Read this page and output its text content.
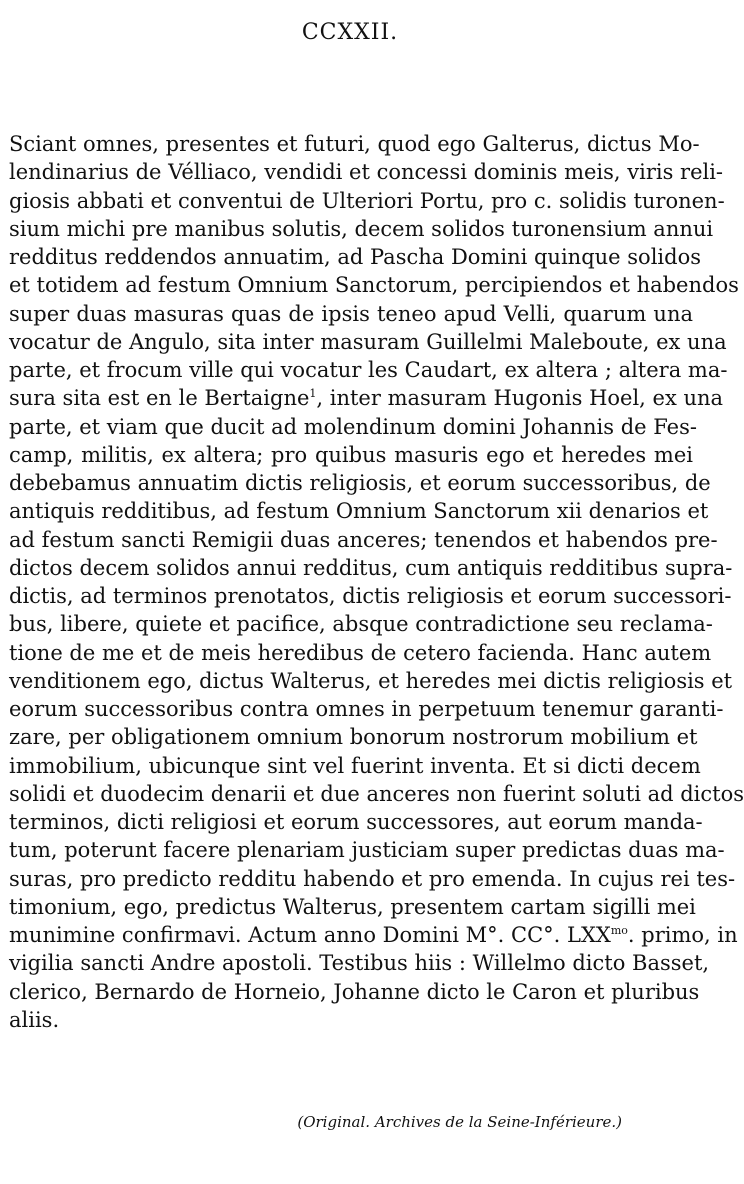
CCXXII.
Sciant omnes, presentes et futuri, quod ego Galterus, dictus Mo-
lendinarius de Vélliaco, vendidi et concessi dominis meis, viris reli-
giosis abbati et conventui de Ulteriori Portu, pro c. solidis turonen-
sium michi pre manibus solutis, decem solidos turonensium annui
redditus reddendos annuatim, ad Pascha Domini quinque solidos
et totidem ad festum Omnium Sanctorum, percipiendos et habendos
super duas masuras quas de ipsis teneo apud Velli, quarum una
vocatur de Angulo, sita inter masuram Guillelmi Maleboute, ex una
parte, et frocum ville qui vocatur les Caudart, ex altera ; altera ma-
sura sita est en le Bertaigne$^1$, inter masuram Hugonis Hoel, ex una
parte, et viam que ducit ad molendinum domini Johannis de Fes-
camp, militis, ex altera; pro quibus masuris ego et heredes mei
debebamus annuatim dictis religiosis, et eorum successoribus, de
antiquis redditibus, ad festum Omnium Sanctorum xii denarios et
ad festum sancti Remigii duas anceres; tenendos et habendos pre-
dictos decem solidos annui redditus, cum antiquis redditibus supra-
dictis, ad terminos prenotatos, dictis religiosis et eorum successori-
bus, libere, quiete et pacifice, absque contradictione seu reclama-
tione de me et de meis heredibus de cetero facienda. Hanc autem
venditionem ego, dictus Walterus, et heredes mei dictis religiosis et
eorum successoribus contra omnes in perpetuum tenemur garanti-
zare, per obligationem omnium bonorum nostrorum mobilium et
immobilium, ubicunque sint vel fuerint inventa. Et si dicti decem
solidi et duodecim denarii et due anceres non fuerint soluti ad dictos
terminos, dicti religiosi et eorum successores, aut eorum manda-
tum, poterunt facere plenariam justiciam super predictas duas ma-
suras, pro predicto redditu habendo et pro emenda. In cujus rei tes-
timonium, ego, predictus Walterus, presentem cartam sigilli mei
munimine confirmavi. Actum anno Domini M°. CC°. $LXX^{mo}$. primo, in
vigilia sancti Andre apostoli. Testibus hiis : Willelmo dicto Basset,
clerico, Bernardo de Horneio, Johanne dicto le Caron et pluribus
aliis.

(Original. Archives de la Seine-Inférieure.)
